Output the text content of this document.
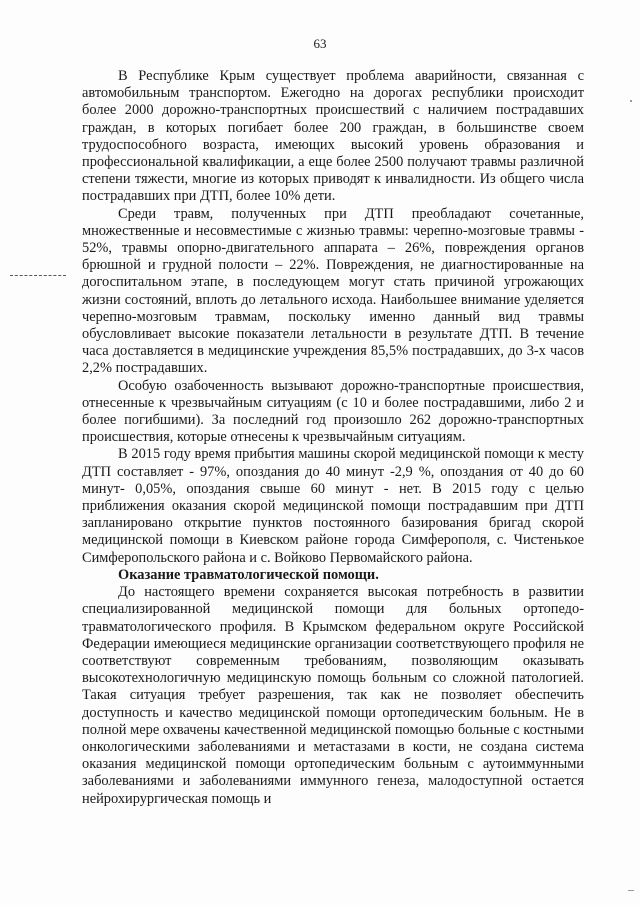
63

В Республике Крым существует проблема аварийности, связанная с автомобильным транспортом. Ежегодно на дорогах республики происходит более 2000 дорожно-транспортных происшествий с наличием пострадавших граждан, в которых погибает более 200 граждан, в большинстве своем трудоспособного возраста, имеющих высокий уровень образования и профессиональной квалификации, а еще более 2500 получают травмы различной степени тяжести, многие из которых приводят к инвалидности. Из общего числа пострадавших при ДТП, более 10% дети.

Среди травм, полученных при ДТП преобладают сочетанные, множественные и несовместимые с жизнью травмы: черепно-мозговые травмы - 52%, травмы опорно-двигательного аппарата – 26%, повреждения органов брюшной и грудной полости – 22%. Повреждения, не диагностированные на догоспитальном этапе, в последующем могут стать причиной угрожающих жизни состояний, вплоть до летального исхода. Наибольшее внимание уделяется черепно-мозговым травмам, поскольку именно данный вид травмы обусловливает высокие показатели летальности в результате ДТП. В течение часа доставляется в медицинские учреждения 85,5% пострадавших, до 3-х часов 2,2% пострадавших.

Особую озабоченность вызывают дорожно-транспортные происшествия, отнесенные к чрезвычайным ситуациям (с 10 и более пострадавшими, либо 2 и более погибшими). За последний год произошло 262 дорожно-транспортных происшествия, которые отнесены к чрезвычайным ситуациям.

В 2015 году время прибытия машины скорой медицинской помощи к месту ДТП составляет - 97%, опоздания до 40 минут -2,9 %, опоздания от 40 до 60 минут- 0,05%, опоздания свыше 60 минут - нет. В 2015 году с целью приближения оказания скорой медицинской помощи пострадавшим при ДТП запланировано открытие пунктов постоянного базирования бригад скорой медицинской помощи в Киевском районе города Симферополя, с. Чистенькое Симферопольского района и с. Войково Первомайского района.

Оказание травматологической помощи.

До настоящего времени сохраняется высокая потребность в развитии специализированной медицинской помощи для больных ортопедо-травматологического профиля. В Крымском федеральном округе Российской Федерации имеющиеся медицинские организации соответствующего профиля не соответствуют современным требованиям, позволяющим оказывать высокотехнологичную медицинскую помощь больным со сложной патологией. Такая ситуация требует разрешения, так как не позволяет обеспечить доступность и качество медицинской помощи ортопедическим больным. Не в полной мере охвачены качественной медицинской помощью больные с костными онкологическими заболеваниями и метастазами в кости, не создана система оказания медицинской помощи ортопедическим больным с аутоиммунными заболеваниями и заболеваниями иммунного генеза, малодоступной остается нейрохирургическая помощь и
